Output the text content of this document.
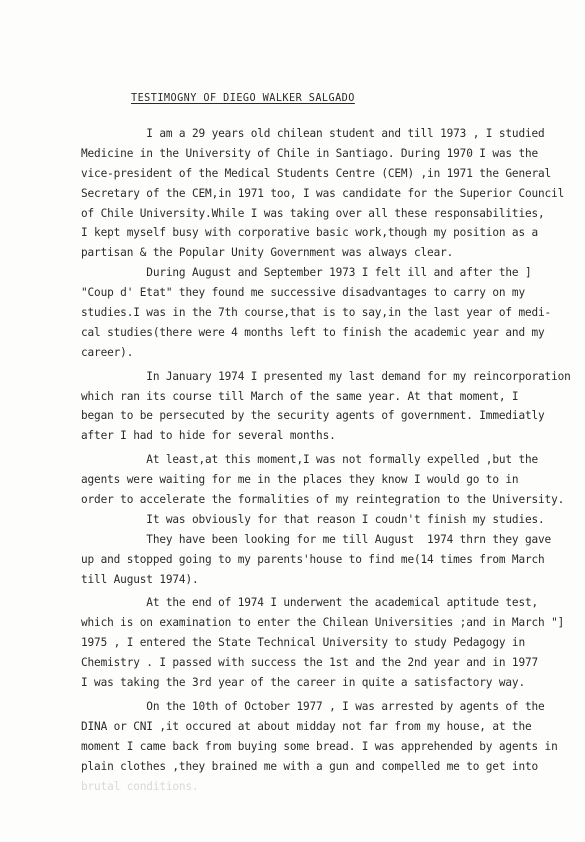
TESTIMOGNY OF DIEGO WALKER SALGADO
I am a 29 years old chilean student and till 1973 , I studied
Medicine in the University of Chile in Santiago. During 1970 I was the
vice-president of the Medical Students Centre (CEM) ,in 1971 the General
Secretary of the CEM,in 1971 too, I was candidate for the Superior Council
of Chile University.While I was taking over all these responsabilities,
I kept myself busy with corporative basic work,though my position as a
partisan & the Popular Unity Government was always clear.
During August and September 1973 I felt ill and after the ]
"Coup d' Etat" they found me successive disadvantages to carry on my
studies.I was in the 7th course,that is to say,in the last year of medi-
cal studies(there were 4 months left to finish the academic year and my
career).
In January 1974 I presented my last demand for my reincorporation
which ran its course till March of the same year. At that moment, I
began to be persecuted by the security agents of government. Immediatly
after I had to hide for several months.
At least,at this moment,I was not formally expelled ,but the
agents were waiting for me in the places they know I would go to in
order to accelerate the formalities of my reintegration to the University.
It was obviously for that reason I coudn't finish my studies.
They have been looking for me till August  1974 thrn they gave
up and stopped going to my parents'house to find me(14 times from March
till August 1974).
At the end of 1974 I underwent the academical aptitude test,
which is on examination to enter the Chilean Universities ;and in March "]
1975 , I entered the State Technical University to study Pedagogy in
Chemistry . I passed with success the 1st and the 2nd year and in 1977
I was taking the 3rd year of the career in quite a satisfactory way.
On the 10th of October 1977 , I was arrested by agents of the
DINA or CNI ,it occured at about midday not far from my house, at the
moment I came back from buying some bread. I was apprehended by agents in
plain clothes ,they brained me with a gun and compelled me to get into
brutal conditions.
